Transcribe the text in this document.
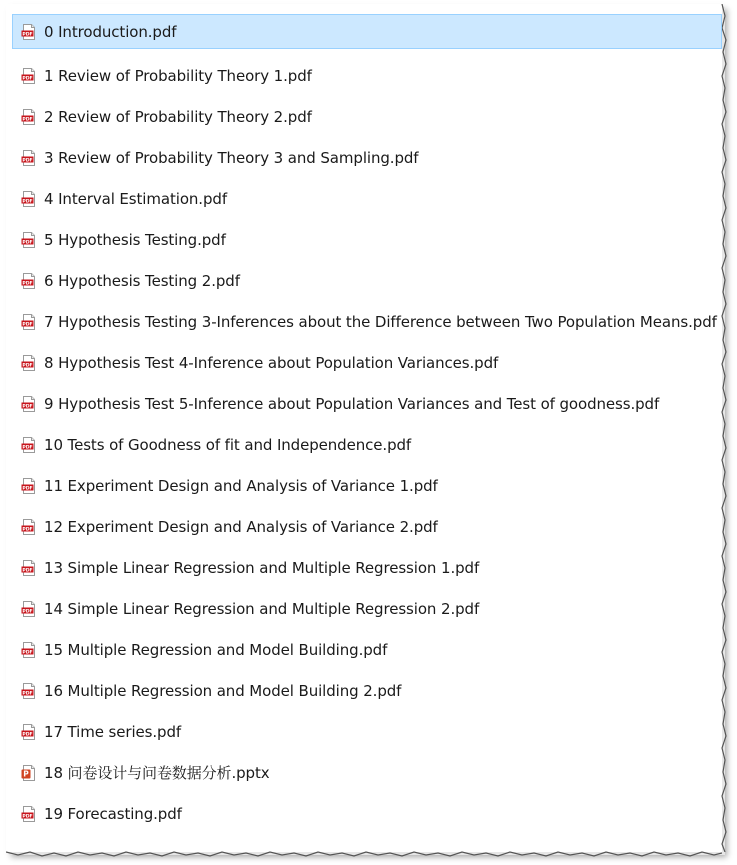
PDF 0 Introduction.pdf
PDF 1 Review of Probability Theory 1.pdf
PDF 2 Review of Probability Theory 2.pdf
PDF 3 Review of Probability Theory 3 and Sampling.pdf
PDF 4 Interval Estimation.pdf
PDF 5 Hypothesis Testing.pdf
PDF 6 Hypothesis Testing 2.pdf
PDF 7 Hypothesis Testing 3-Inferences about the Difference between Two Population Means.pdf
PDF 8 Hypothesis Test 4-Inference about Population Variances.pdf
PDF 9 Hypothesis Test 5-Inference about Population Variances and Test of goodness.pdf
PDF 10 Tests of Goodness of fit and Independence.pdf
PDF 11 Experiment Design and Analysis of Variance 1.pdf
PDF 12 Experiment Design and Analysis of Variance 2.pdf
PDF 13 Simple Linear Regression and Multiple Regression 1.pdf
PDF 14 Simple Linear Regression and Multiple Regression 2.pdf
PDF 15 Multiple Regression and Model Building.pdf
PDF 16 Multiple Regression and Model Building 2.pdf
PDF 17 Time series.pdf
P 18 问卷设计与问卷数据分析.pptx
PDF 19 Forecasting.pdf
